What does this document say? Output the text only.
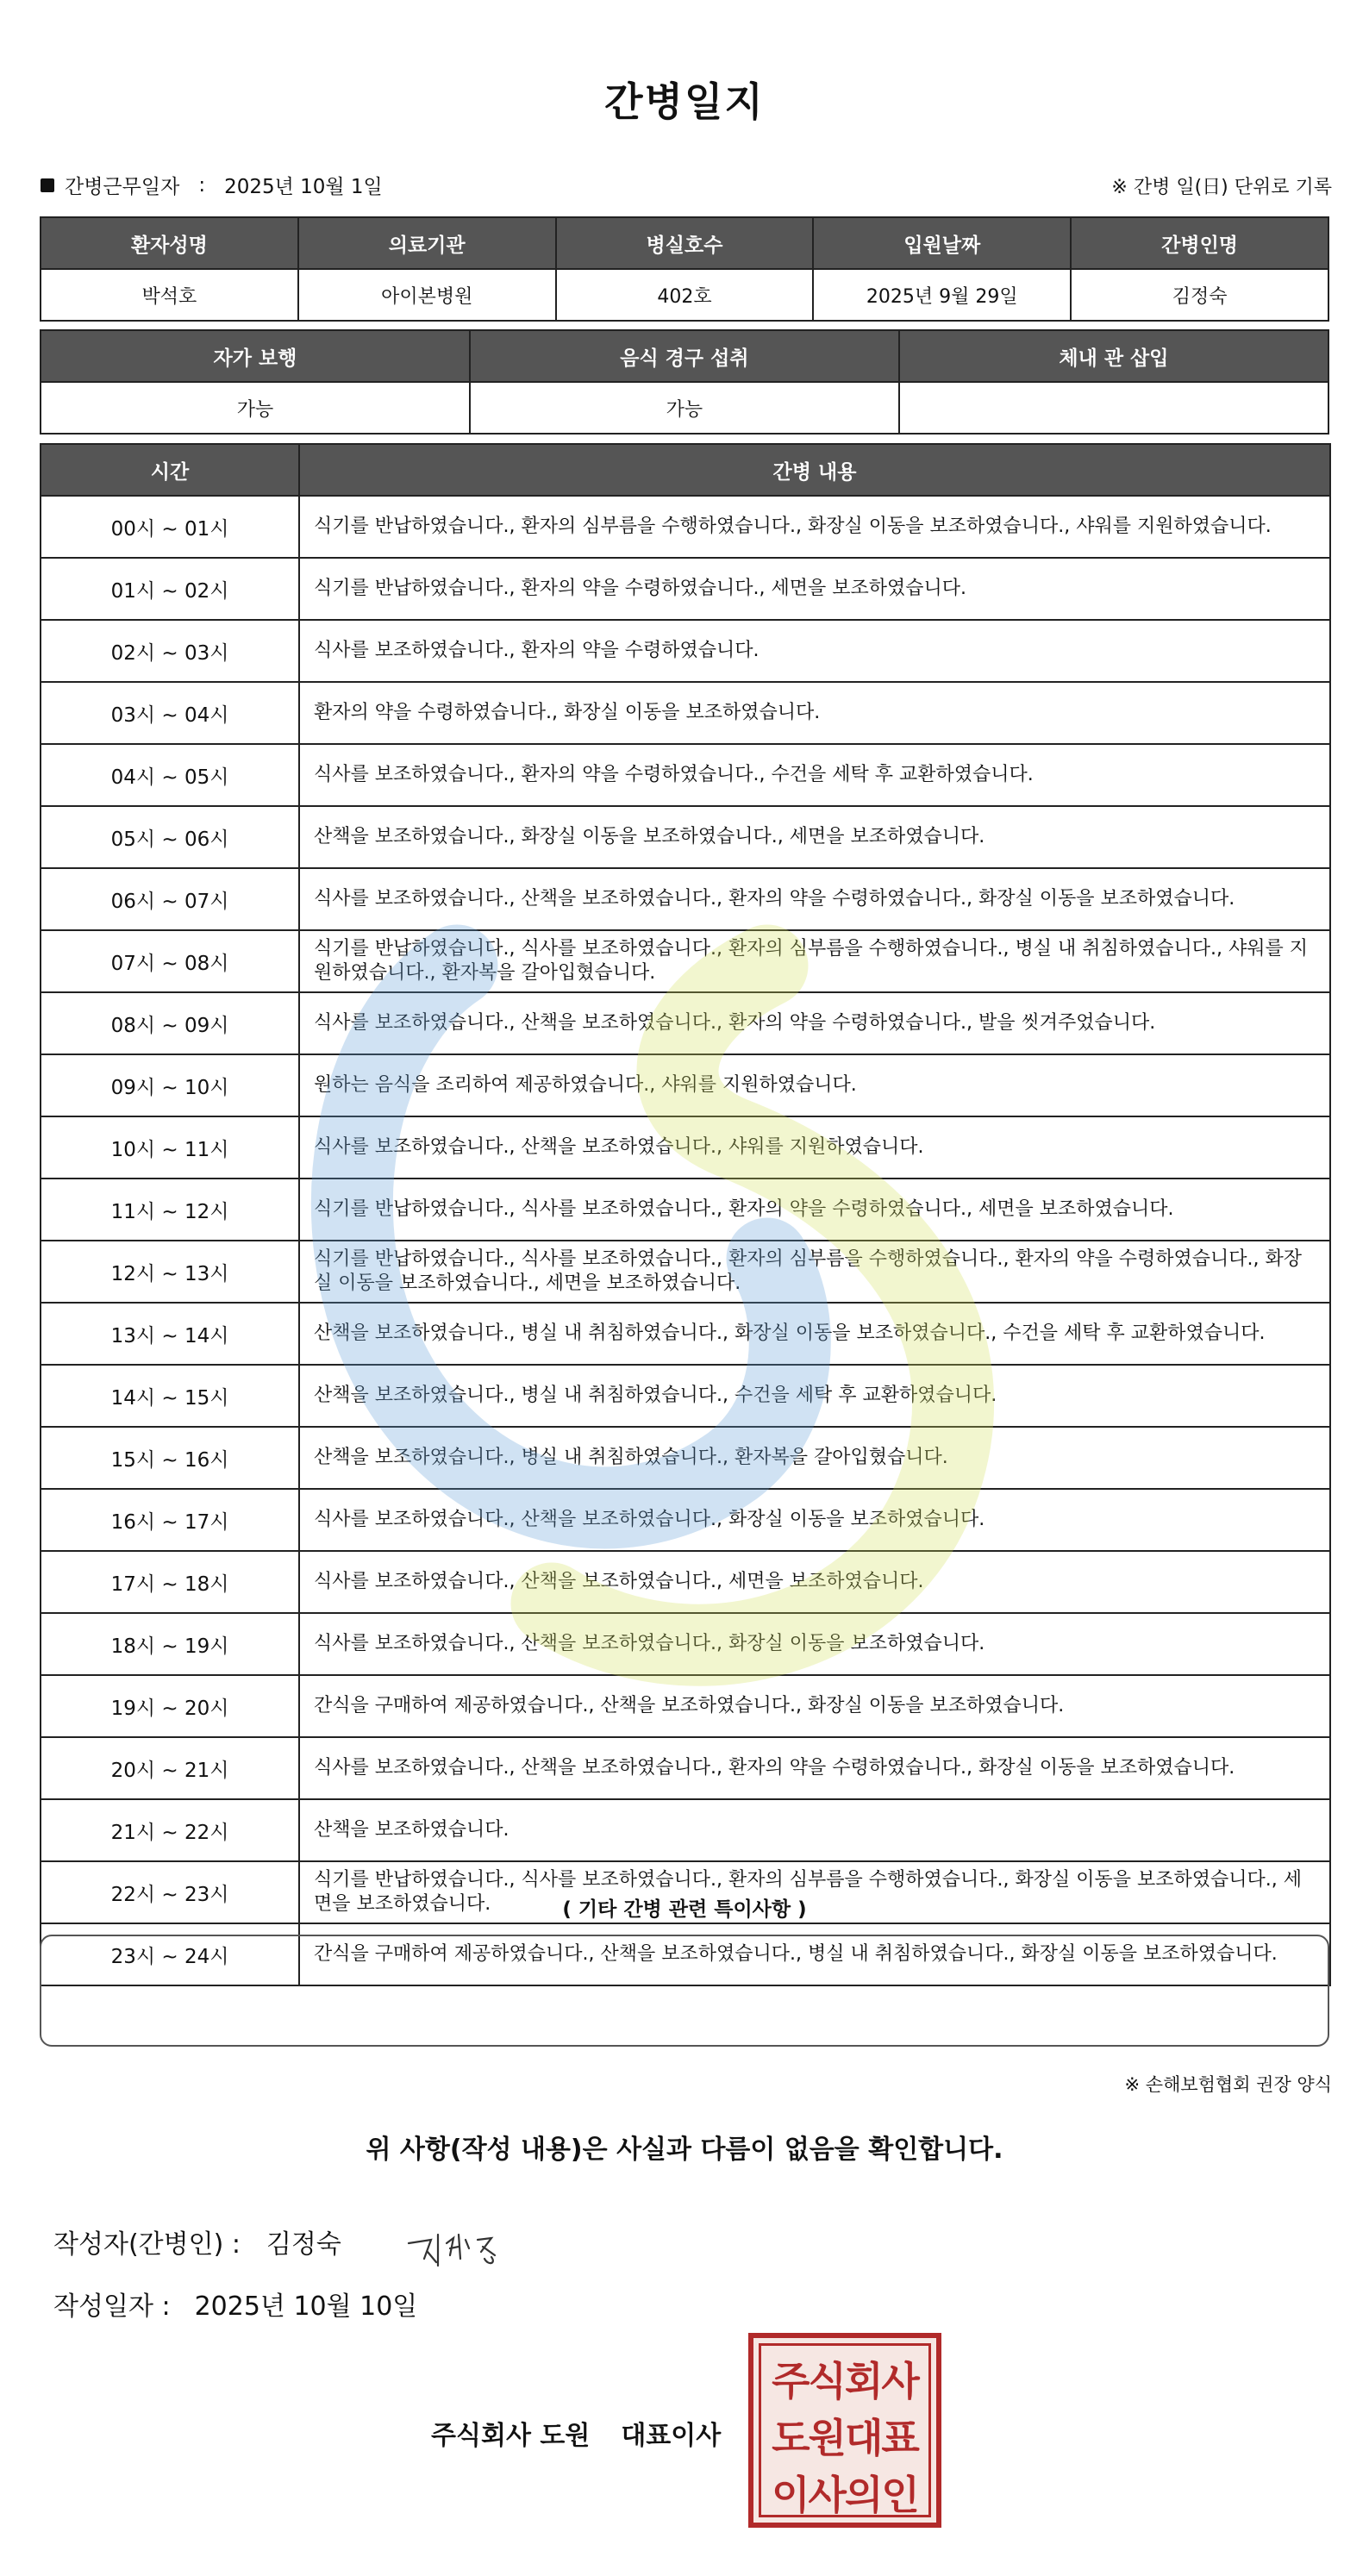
간병일지
간병근무일자 : 2025년 10월 1일	※ 간병 일(日) 단위로 기록
환자성명	의료기관	병실호수	입원날짜	간병인명
박석호	아이본병원	402호	2025년 9월 29일	김정숙
자가 보행	음식 경구 섭취	체내 관 삽입
가능	가능	
시간	간병 내용
00시 ~ 01시	식기를 반납하였습니다., 환자의 심부름을 수행하였습니다., 화장실 이동을 보조하였습니다., 샤워를 지원하였습니다.
01시 ~ 02시	식기를 반납하였습니다., 환자의 약을 수령하였습니다., 세면을 보조하였습니다.
02시 ~ 03시	식사를 보조하였습니다., 환자의 약을 수령하였습니다.
03시 ~ 04시	환자의 약을 수령하였습니다., 화장실 이동을 보조하였습니다.
04시 ~ 05시	식사를 보조하였습니다., 환자의 약을 수령하였습니다., 수건을 세탁 후 교환하였습니다.
05시 ~ 06시	산책을 보조하였습니다., 화장실 이동을 보조하였습니다., 세면을 보조하였습니다.
06시 ~ 07시	식사를 보조하였습니다., 산책을 보조하였습니다., 환자의 약을 수령하였습니다., 화장실 이동을 보조하였습니다.
07시 ~ 08시	식기를 반납하였습니다., 식사를 보조하였습니다., 환자의 심부름을 수행하였습니다., 병실 내 취침하였습니다., 샤워를 지원하였습니다., 환자복을 갈아입혔습니다.
08시 ~ 09시	식사를 보조하였습니다., 산책을 보조하였습니다., 환자의 약을 수령하였습니다., 발을 씻겨주었습니다.
09시 ~ 10시	원하는 음식을 조리하여 제공하였습니다., 샤워를 지원하였습니다.
10시 ~ 11시	식사를 보조하였습니다., 산책을 보조하였습니다., 샤워를 지원하였습니다.
11시 ~ 12시	식기를 반납하였습니다., 식사를 보조하였습니다., 환자의 약을 수령하였습니다., 세면을 보조하였습니다.
12시 ~ 13시	식기를 반납하였습니다., 식사를 보조하였습니다., 환자의 심부름을 수행하였습니다., 환자의 약을 수령하였습니다., 화장실 이동을 보조하였습니다., 세면을 보조하였습니다.
13시 ~ 14시	산책을 보조하였습니다., 병실 내 취침하였습니다., 화장실 이동을 보조하였습니다., 수건을 세탁 후 교환하였습니다.
14시 ~ 15시	산책을 보조하였습니다., 병실 내 취침하였습니다., 수건을 세탁 후 교환하였습니다.
15시 ~ 16시	산책을 보조하였습니다., 병실 내 취침하였습니다., 환자복을 갈아입혔습니다.
16시 ~ 17시	식사를 보조하였습니다., 산책을 보조하였습니다., 화장실 이동을 보조하였습니다.
17시 ~ 18시	식사를 보조하였습니다., 산책을 보조하였습니다., 세면을 보조하였습니다.
18시 ~ 19시	식사를 보조하였습니다., 산책을 보조하였습니다., 화장실 이동을 보조하였습니다.
19시 ~ 20시	간식을 구매하여 제공하였습니다., 산책을 보조하였습니다., 화장실 이동을 보조하였습니다.
20시 ~ 21시	식사를 보조하였습니다., 산책을 보조하였습니다., 환자의 약을 수령하였습니다., 화장실 이동을 보조하였습니다.
21시 ~ 22시	산책을 보조하였습니다.
22시 ~ 23시	식기를 반납하였습니다., 식사를 보조하였습니다., 환자의 심부름을 수행하였습니다., 화장실 이동을 보조하였습니다., 세면을 보조하였습니다.
23시 ~ 24시	간식을 구매하여 제공하였습니다., 산책을 보조하였습니다., 병실 내 취침하였습니다., 화장실 이동을 보조하였습니다.
( 기타 간병 관련 특이사항 )
※ 손해보험협회 권장 양식
위 사항(작성 내용)은 사실과 다름이 없음을 확인합니다.
작성자(간병인) : 김정숙
작성일자 : 2025년 10월 10일
주식회사 도원 대표이사
주식회사
도원대표
이사의인
